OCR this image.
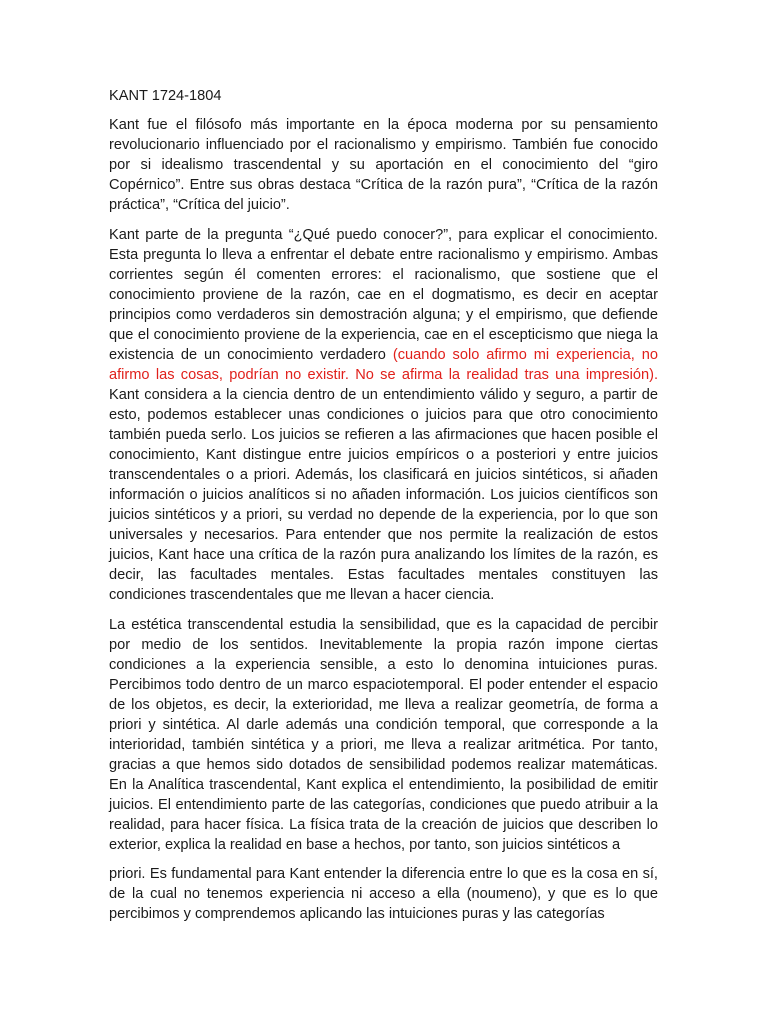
KANT 1724-1804

Kant fue el filósofo más importante en la época moderna por su pensamiento revolucionario influenciado por el racionalismo y empirismo. También fue conocido por si idealismo trascendental y su aportación en el conocimiento del “giro Copérnico”. Entre sus obras destaca “Crítica de la razón pura”, “Crítica de la razón práctica”, “Crítica del juicio”.

Kant parte de la pregunta “¿Qué puedo conocer?”, para explicar el conocimiento. Esta pregunta lo lleva a enfrentar el debate entre racionalismo y empirismo. Ambas corrientes según él comenten errores: el racionalismo, que sostiene que el conocimiento proviene de la razón, cae en el dogmatismo, es decir en aceptar principios como verdaderos sin demostración alguna; y el empirismo, que defiende que el conocimiento proviene de la experiencia, cae en el escepticismo que niega la existencia de un conocimiento verdadero (cuando solo afirmo mi experiencia, no afirmo las cosas, podrían no existir. No se afirma la realidad tras una impresión). Kant considera a la ciencia dentro de un entendimiento válido y seguro, a partir de esto, podemos establecer unas condiciones o juicios para que otro conocimiento también pueda serlo. Los juicios se refieren a las afirmaciones que hacen posible el conocimiento, Kant distingue entre juicios empíricos o a posteriori y entre juicios transcendentales o a priori. Además, los clasificará en juicios sintéticos, si añaden información o juicios analíticos si no añaden información. Los juicios científicos son juicios sintéticos y a priori, su verdad no depende de la experiencia, por lo que son universales y necesarios. Para entender que nos permite la realización de estos juicios, Kant hace una crítica de la razón pura analizando los límites de la razón, es decir, las facultades mentales. Estas facultades mentales constituyen las condiciones trascendentales que me llevan a hacer ciencia.

La estética transcendental estudia la sensibilidad, que es la capacidad de percibir por medio de los sentidos. Inevitablemente la propia razón impone ciertas condiciones a la experiencia sensible, a esto lo denomina intuiciones puras. Percibimos todo dentro de un marco espaciotemporal. El poder entender el espacio de los objetos, es decir, la exterioridad, me lleva a realizar geometría, de forma a priori y sintética. Al darle además una condición temporal, que corresponde a la interioridad, también sintética y a priori, me lleva a realizar aritmética. Por tanto, gracias a que hemos sido dotados de sensibilidad podemos realizar matemáticas. En la Analítica trascendental, Kant explica el entendimiento, la posibilidad de emitir juicios. El entendimiento parte de las categorías, condiciones que puedo atribuir a la realidad, para hacer física. La física trata de la creación de juicios que describen lo exterior, explica la realidad en base a hechos, por tanto, son juicios sintéticos a

priori. Es fundamental para Kant entender la diferencia entre lo que es la cosa en sí, de la cual no tenemos experiencia ni acceso a ella (noumeno), y que es lo que percibimos y comprendemos aplicando las intuiciones puras y las categorías
